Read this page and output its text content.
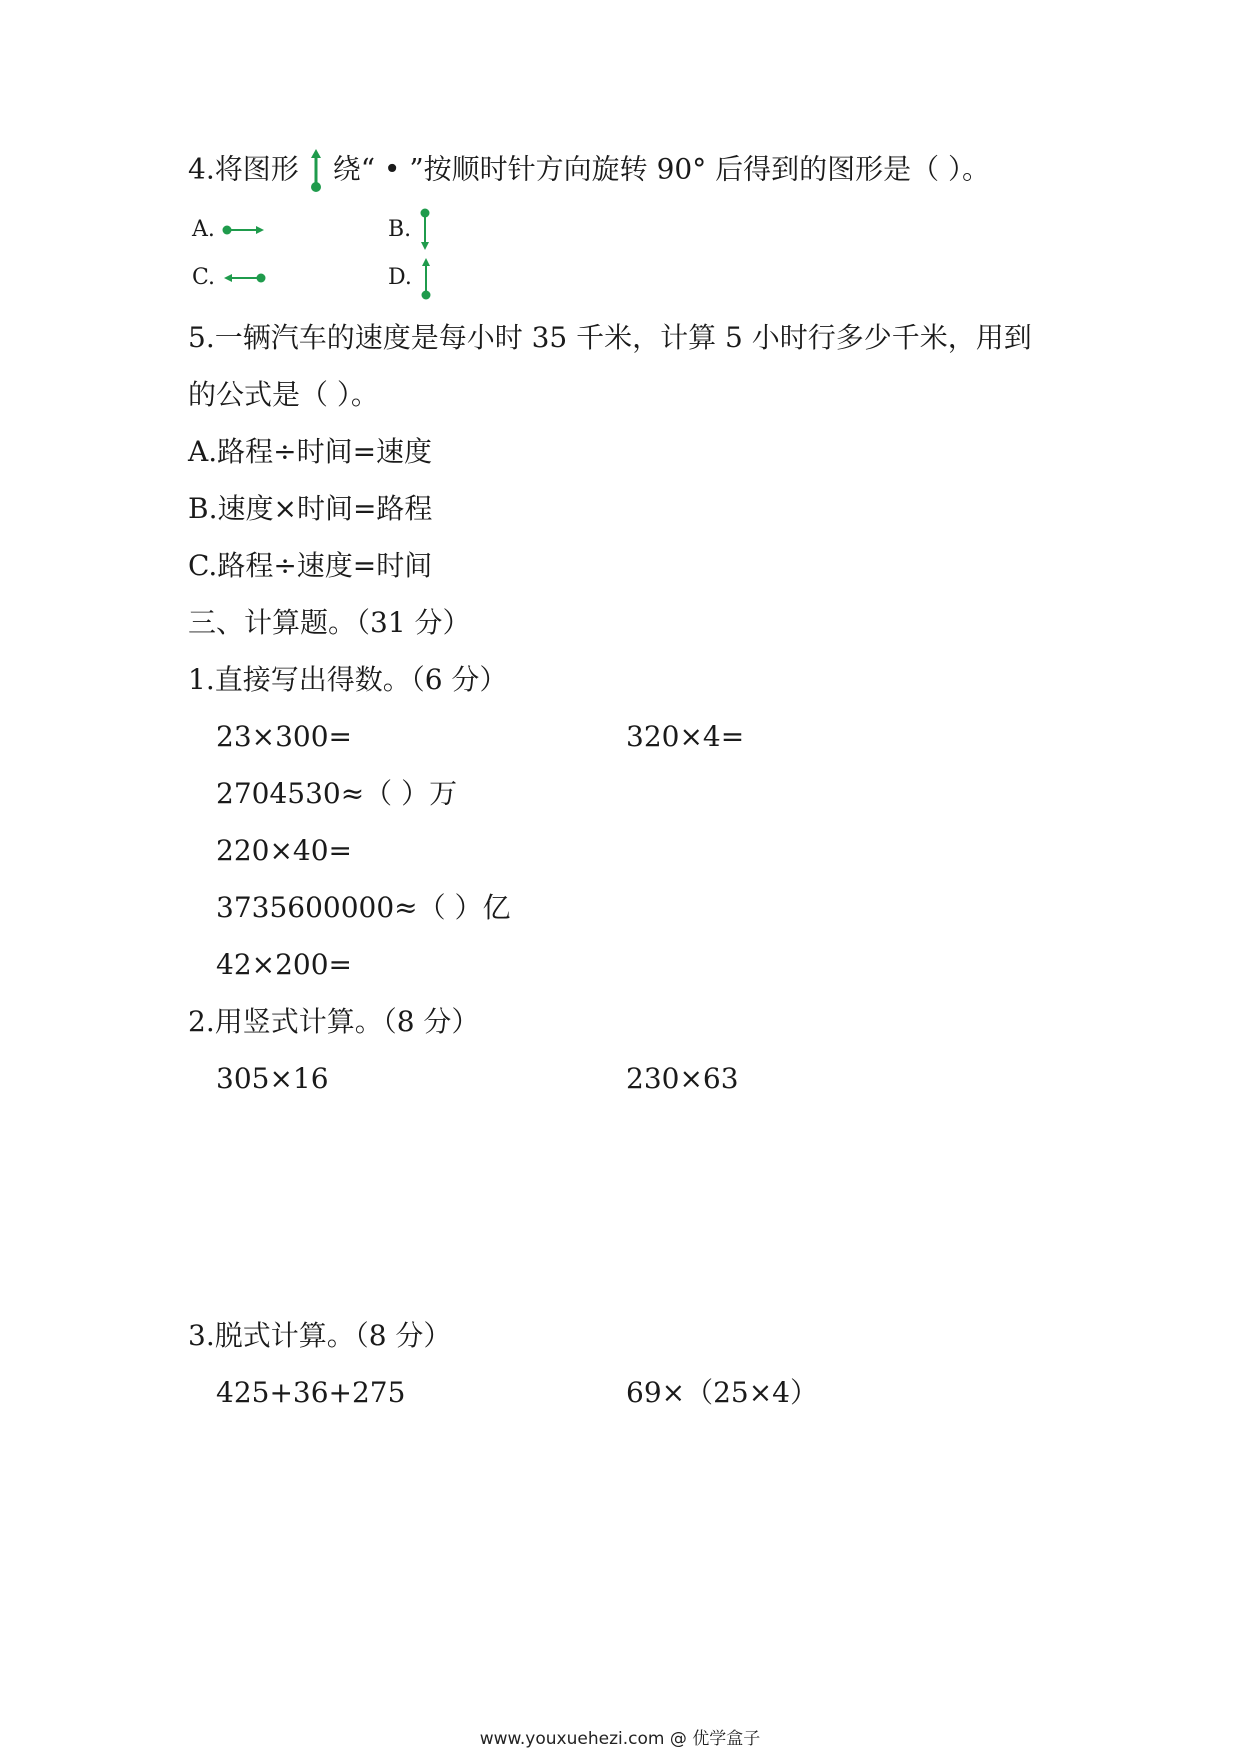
4.将图形 绕“ • ”按顺时针方向旋转 90° 后得到的图形是（ ）。
A.	B.
C.	D.
5.一辆汽车的速度是每小时 35 千米，计算 5 小时行多少千米，用到
的公式是（ ）。
A.路程÷时间=速度
B.速度×时间=路程
C.路程÷速度=时间
三、计算题。（31 分）
1.直接写出得数。（6 分）
23×300=	320×4=
2704530≈（ ）万
220×40=
3735600000≈（ ）亿
42×200=
2.用竖式计算。（8 分）
305×16	230×63
3.脱式计算。（8 分）
425+36+275	69×（25×4）
www.youxuehezi.com @ 优学盒子
